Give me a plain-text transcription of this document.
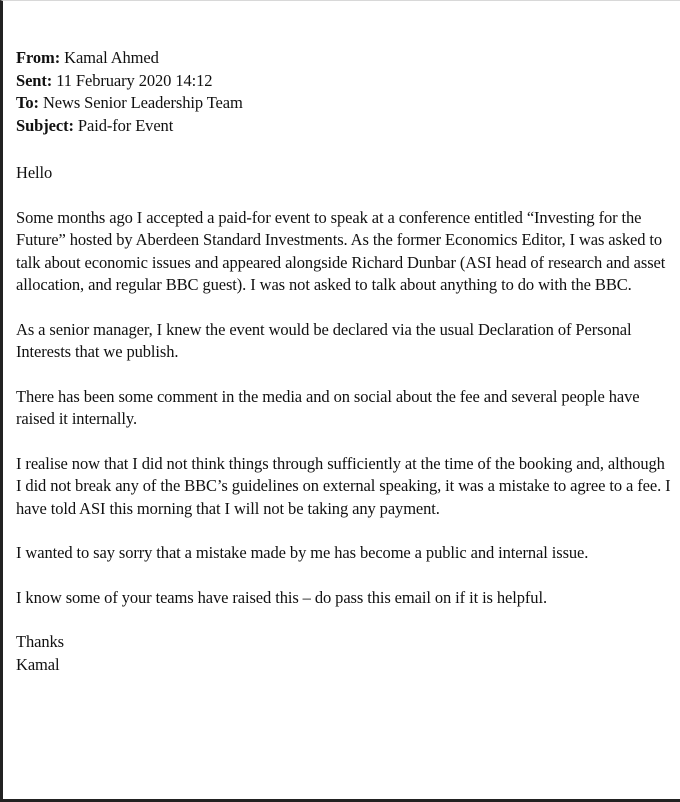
From: Kamal Ahmed
Sent: 11 February 2020 14:12
To: News Senior Leadership Team
Subject: Paid-for Event

Hello

Some months ago I accepted a paid-for event to speak at a conference entitled “Investing for the Future” hosted by Aberdeen Standard Investments. As the former Economics Editor, I was asked to talk about economic issues and appeared alongside Richard Dunbar (ASI head of research and asset allocation, and regular BBC guest). I was not asked to talk about anything to do with the BBC.

As a senior manager, I knew the event would be declared via the usual Declaration of Personal Interests that we publish.

There has been some comment in the media and on social about the fee and several people have raised it internally.

I realise now that I did not think things through sufficiently at the time of the booking and, although I did not break any of the BBC’s guidelines on external speaking, it was a mistake to agree to a fee. I have told ASI this morning that I will not be taking any payment.

I wanted to say sorry that a mistake made by me has become a public and internal issue.

I know some of your teams have raised this – do pass this email on if it is helpful.

Thanks
Kamal
